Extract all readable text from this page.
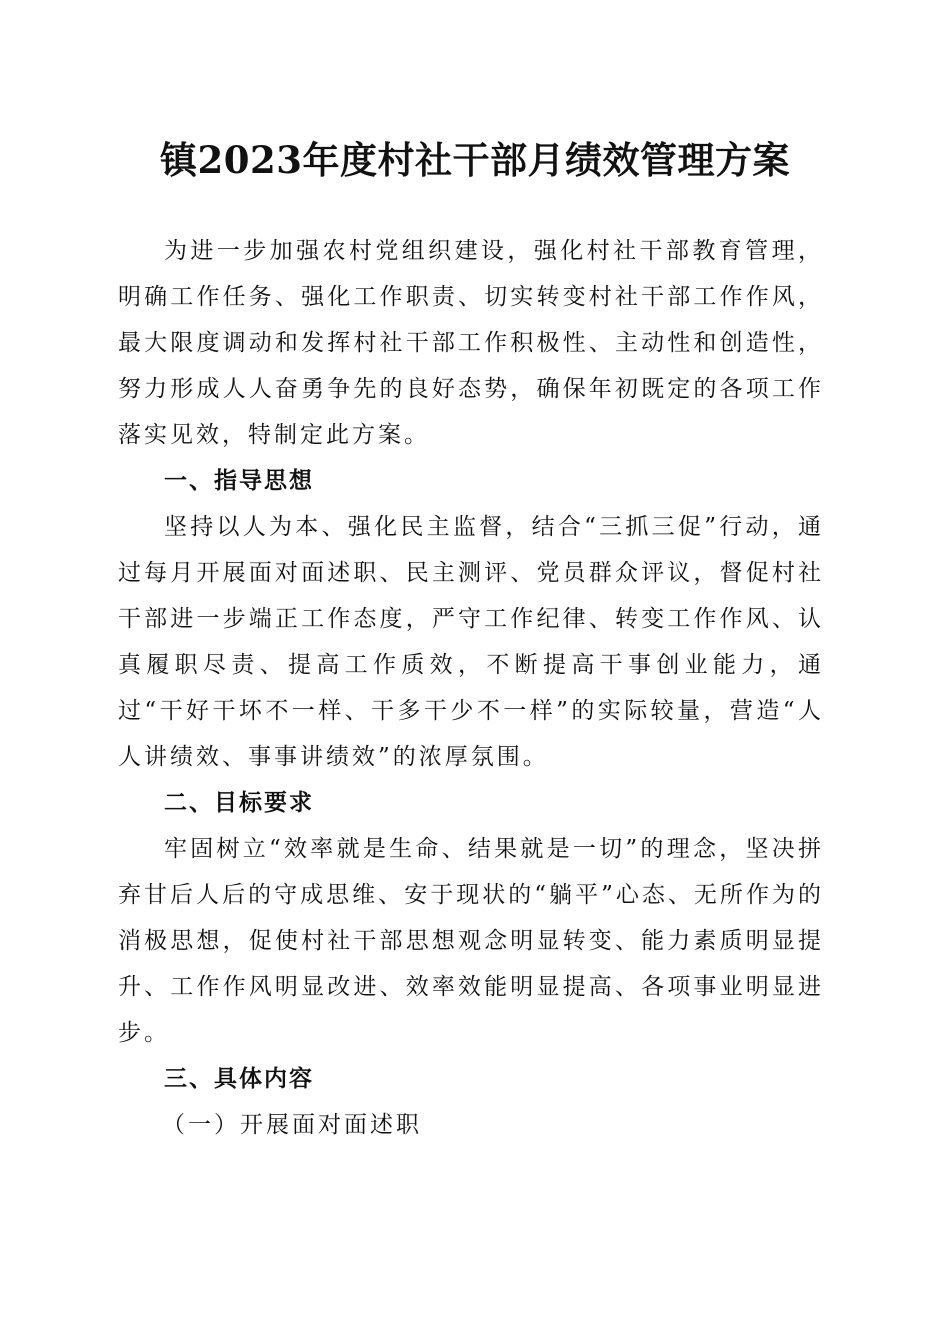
镇2023年度村社干部月绩效管理方案

为进一步加强农村党组织建设，强化村社干部教育管理，明确工作任务、强化工作职责、切实转变村社干部工作作风，最大限度调动和发挥村社干部工作积极性、主动性和创造性，努力形成人人奋勇争先的良好态势，确保年初既定的各项工作落实见效，特制定此方案。

一、指导思想

坚持以人为本、强化民主监督，结合“三抓三促”行动，通过每月开展面对面述职、民主测评、党员群众评议，督促村社干部进一步端正工作态度，严守工作纪律、转变工作作风、认真履职尽责、提高工作质效，不断提高干事创业能力，通过“干好干坏不一样、干多干少不一样”的实际较量，营造“人人讲绩效、事事讲绩效”的浓厚氛围。

二、目标要求

牢固树立“效率就是生命、结果就是一切”的理念，坚决拼弃甘后人后的守成思维、安于现状的“躺平”心态、无所作为的消极思想，促使村社干部思想观念明显转变、能力素质明显提升、工作作风明显改进、效率效能明显提高、各项事业明显进步。

三、具体内容

（一）开展面对面述职
